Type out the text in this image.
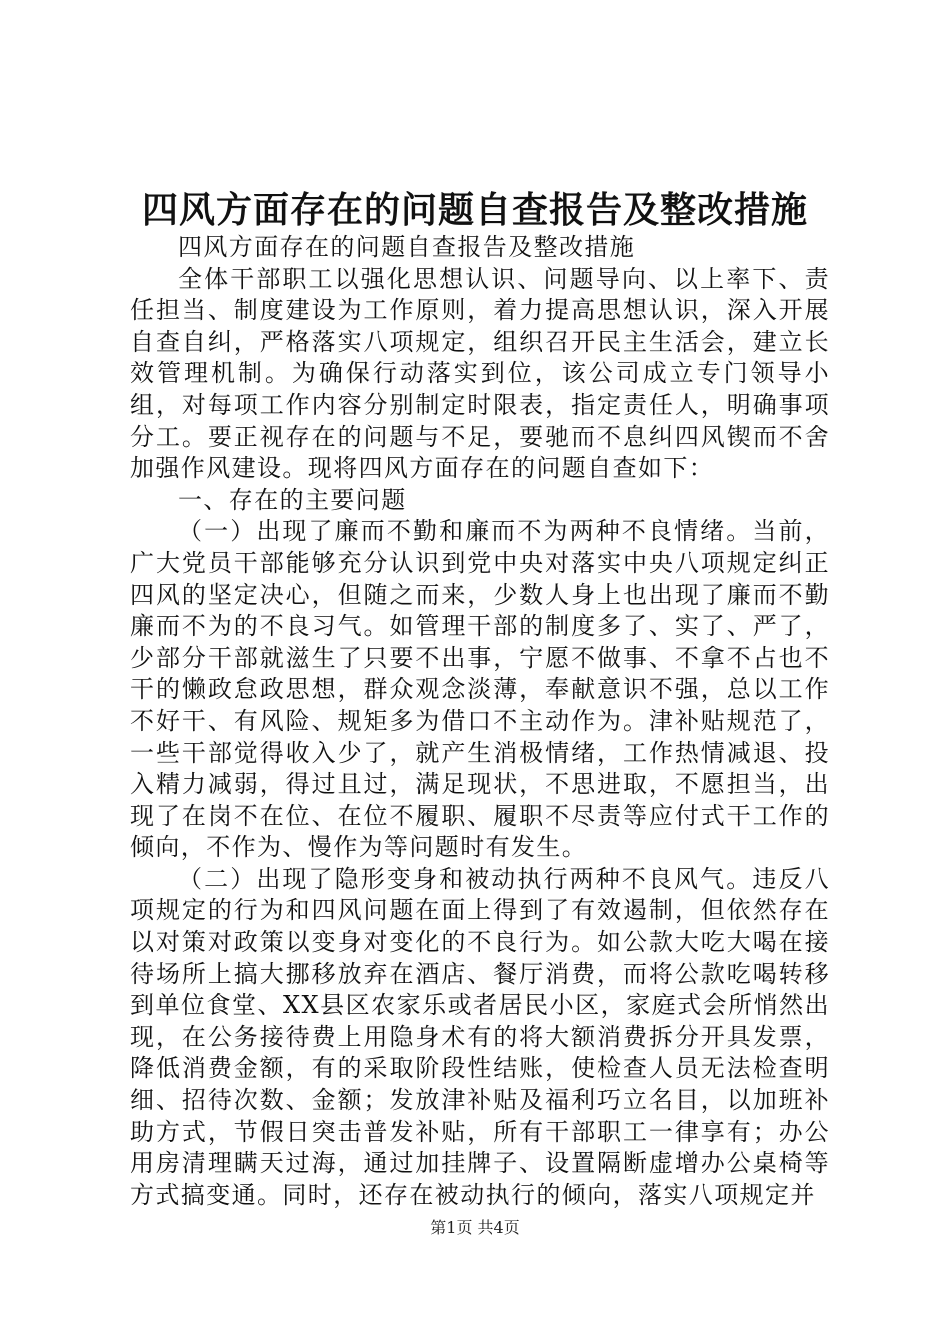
四风方面存在的问题自查报告及整改措施

四风方面存在的问题自查报告及整改措施

全体干部职工以强化思想认识、问题导向、以上率下、责任担当、制度建设为工作原则，着力提高思想认识，深入开展自查自纠，严格落实八项规定，组织召开民主生活会，建立长效管理机制。为确保行动落实到位，该公司成立专门领导小组，对每项工作内容分别制定时限表，指定责任人，明确事项分工。要正视存在的问题与不足，要驰而不息纠四风锲而不舍加强作风建设。现将四风方面存在的问题自查如下：

一、存在的主要问题

（一）出现了廉而不勤和廉而不为两种不良情绪。当前，广大党员干部能够充分认识到党中央对落实中央八项规定纠正四风的坚定决心，但随之而来，少数人身上也出现了廉而不勤廉而不为的不良习气。如管理干部的制度多了、实了、严了，少部分干部就滋生了只要不出事，宁愿不做事、不拿不占也不干的懒政怠政思想，群众观念淡薄，奉献意识不强，总以工作不好干、有风险、规矩多为借口不主动作为。津补贴规范了，一些干部觉得收入少了，就产生消极情绪，工作热情减退、投入精力减弱，得过且过，满足现状，不思进取，不愿担当，出现了在岗不在位、在位不履职、履职不尽责等应付式干工作的倾向，不作为、慢作为等问题时有发生。

（二）出现了隐形变身和被动执行两种不良风气。违反八项规定的行为和四风问题在面上得到了有效遏制，但依然存在以对策对政策以变身对变化的不良行为。如公款大吃大喝在接待场所上搞大挪移放弃在酒店、餐厅消费，而将公款吃喝转移到单位食堂、XX县区农家乐或者居民小区，家庭式会所悄然出现，在公务接待费上用隐身术有的将大额消费拆分开具发票，降低消费金额，有的采取阶段性结账，使检查人员无法检查明细、招待次数、金额；发放津补贴及福利巧立名目，以加班补助方式，节假日突击普发补贴，所有干部职工一律享有；办公用房清理瞒天过海，通过加挂牌子、设置隔断虚增办公桌椅等方式搞变通。同时，还存在被动执行的倾向，落实八项规定并

第1页 共4页
